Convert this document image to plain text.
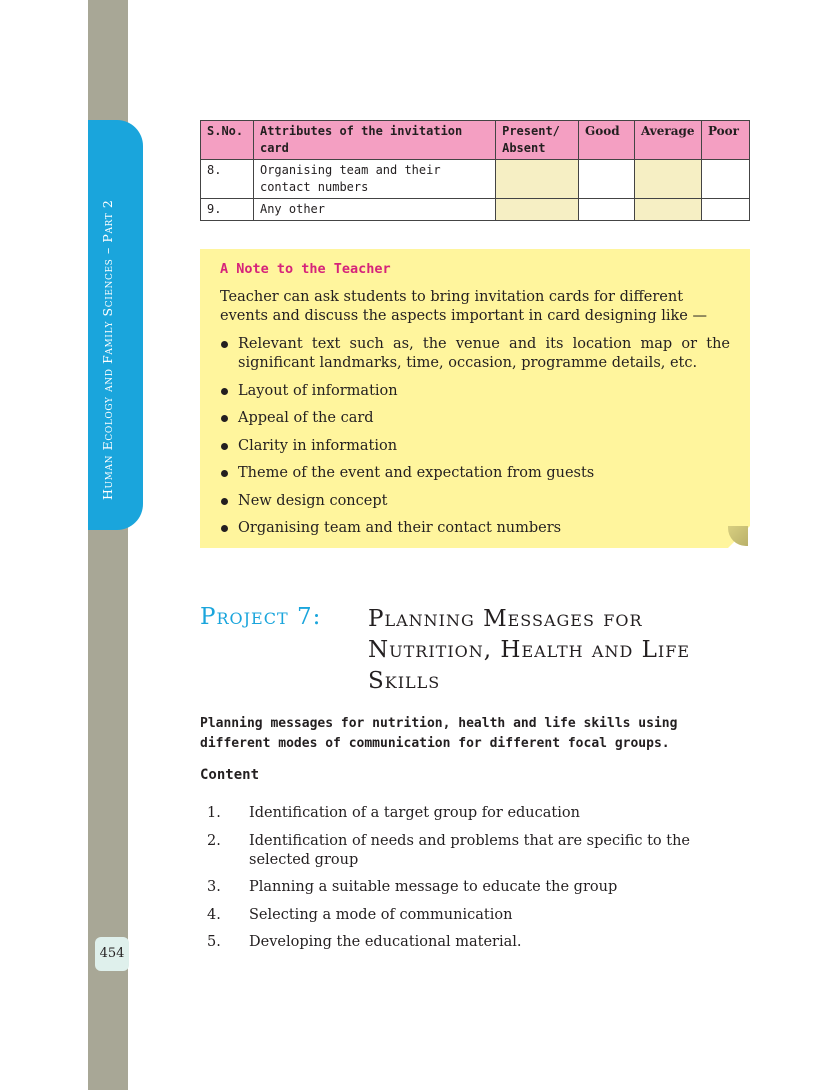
454
S.No.	Attributes of the invitation card	Present/ Absent	Good	Average	Poor
8.	Organising team and their contact numbers				
9.	Any other				
A Note to the Teacher
Teacher can ask students to bring invitation cards for different events and discuss the aspects important in card designing like —
Relevant text such as, the venue and its location map or the significant landmarks, time, occasion, programme details, etc.
Layout of information
Appeal of the card
Clarity in information
Theme of the event and expectation from guests
New design concept
Organising team and their contact numbers
Project 7: Planning Messages for Nutrition, Health and Life Skills
Planning messages for nutrition, health and life skills using different modes of communication for different focal groups.
Content
1. Identification of a target group for education
2. Identification of needs and problems that are specific to the selected group
3. Planning a suitable message to educate the group
4. Selecting a mode of communication
5. Developing the educational material.
